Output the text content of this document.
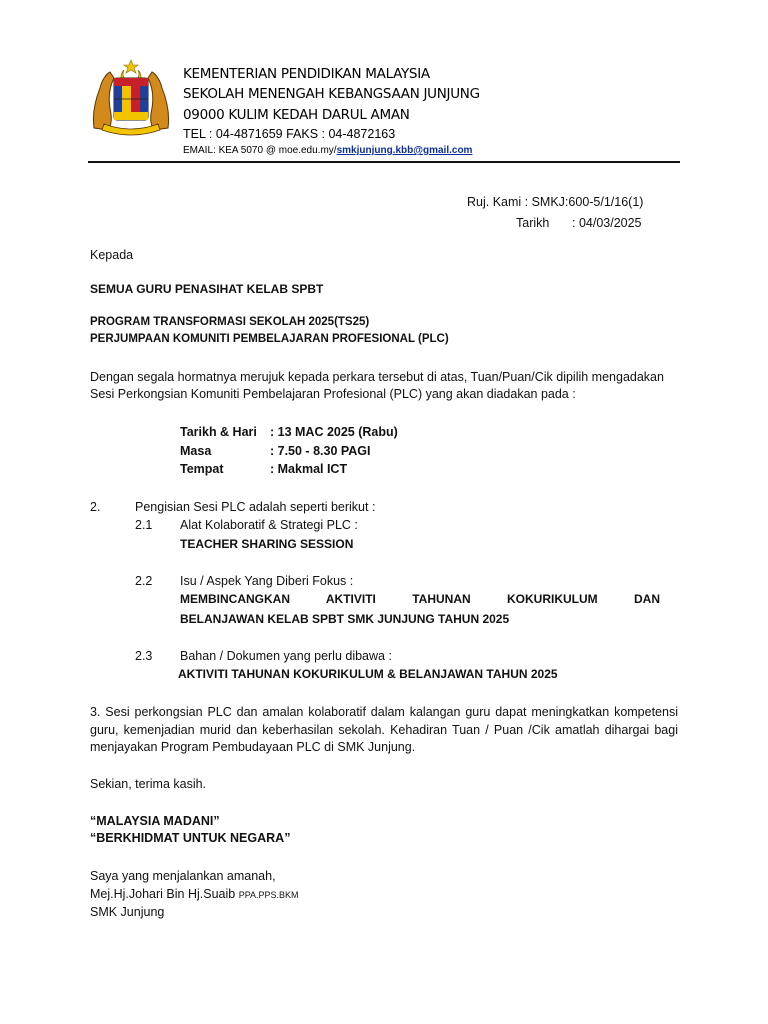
KEMENTERIAN PENDIDIKAN MALAYSIA
SEKOLAH MENENGAH KEBANGSAAN JUNJUNG
09000 KULIM KEDAH DARUL AMAN
TEL : 04-4871659 FAKS : 04-4872163
EMAIL: KEA 5070 @ moe.edu.my/smkjunjung.kbb@gmail.com
Ruj. Kami : SMKJ:600-5/1/16(1)
Tarikh : 04/03/2025
Kepada
SEMUA GURU PENASIHAT KELAB SPBT
PROGRAM TRANSFORMASI SEKOLAH 2025(TS25)
PERJUMPAAN KOMUNITI PEMBELAJARAN PROFESIONAL (PLC)
Dengan segala hormatnya merujuk kepada perkara tersebut di atas, Tuan/Puan/Cik dipilih mengadakan
Sesi Perkongsian Komuniti Pembelajaran Profesional (PLC) yang akan diadakan pada :
Tarikh & Hari : 13 MAC 2025 (Rabu)
Masa	: 7.50 - 8.30 PAGI
Tempat	: Makmal ICT
2.	Pengisian Sesi PLC adalah seperti berikut :
2.1 Alat Kolaboratif & Strategi PLC :
TEACHER SHARING SESSION
2.2 Isu / Aspek Yang Diberi Fokus :
MEMBINCANGKAN AKTIVITI TAHUNAN KOKURIKULUM DAN
BELANJAWAN KELAB SPBT SMK JUNJUNG TAHUN 2025
2.3 Bahan / Dokumen yang perlu dibawa :
AKTIVITI TAHUNAN KOKURIKULUM & BELANJAWAN TAHUN 2025
3. Sesi perkongsian PLC dan amalan kolaboratif dalam kalangan guru dapat meningkatkan kompetensi guru, kemenjadian murid dan keberhasilan sekolah. Kehadiran Tuan / Puan /Cik amatlah dihargai bagi menjayakan Program Pembudayaan PLC di SMK Junjung.
Sekian, terima kasih.
“MALAYSIA MADANI”
“BERKHIDMAT UNTUK NEGARA”
Saya yang menjalankan amanah,
Mej.Hj.Johari Bin Hj.Suaib PPA.PPS.BKM
SMK Junjung
